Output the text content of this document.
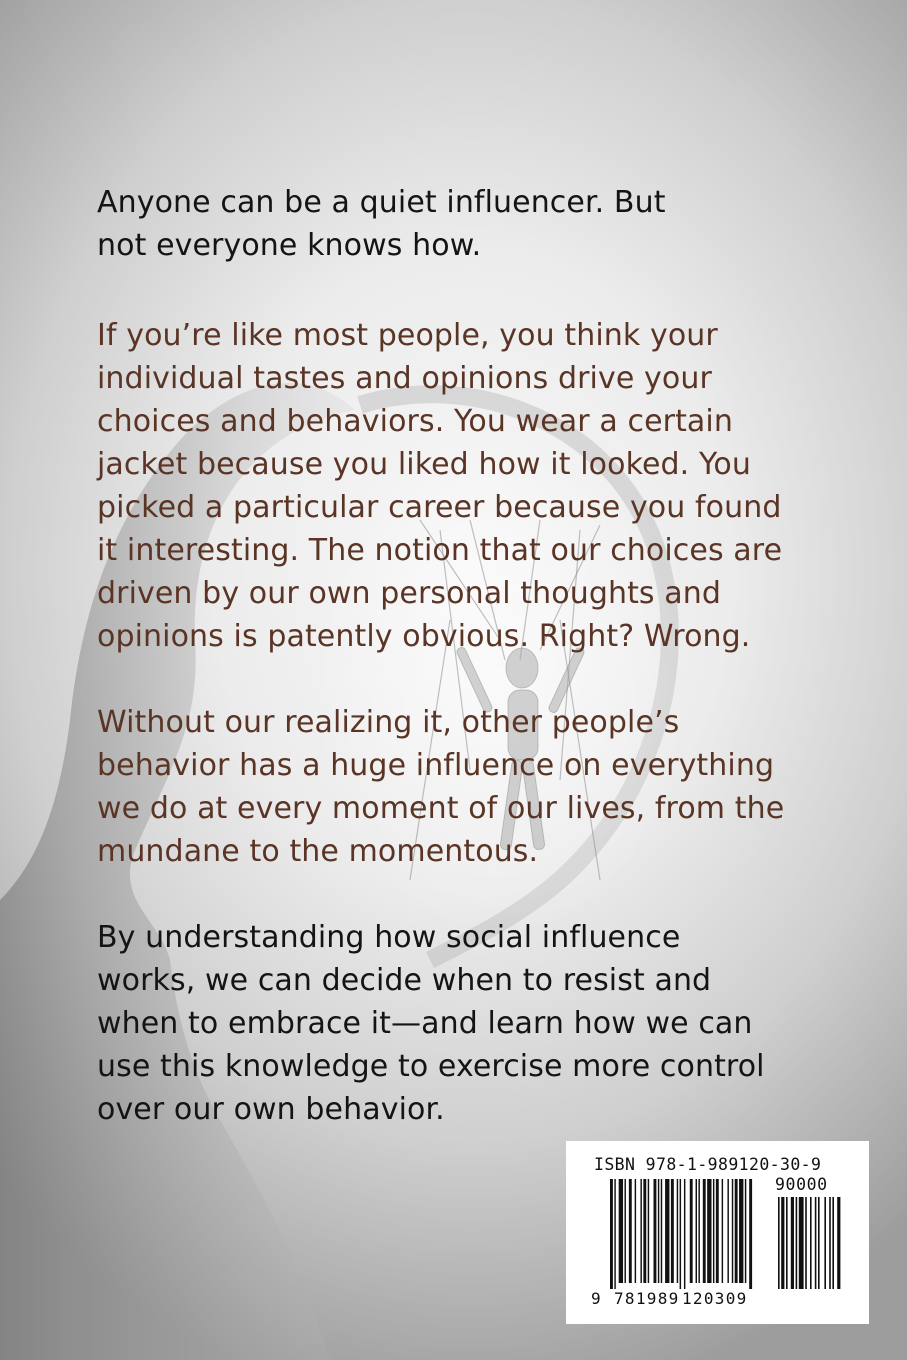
Anyone can be a quiet influencer. But
not everyone knows how.

If you’re like most people, you think your
individual tastes and opinions drive your
choices and behaviors. You wear a certain
jacket because you liked how it looked. You
picked a particular career because you found
it interesting. The notion that our choices are
driven by our own personal thoughts and
opinions is patently obvious. Right? Wrong.

Without our realizing it, other people’s
behavior has a huge influence on everything
we do at every moment of our lives, from the
mundane to the momentous.

By understanding how social influence
works, we can decide when to resist and
when to embrace it—and learn how we can
use this knowledge to exercise more control
over our own behavior.

ISBN 978-1-989120-30-9
90000
9 781989 120309
